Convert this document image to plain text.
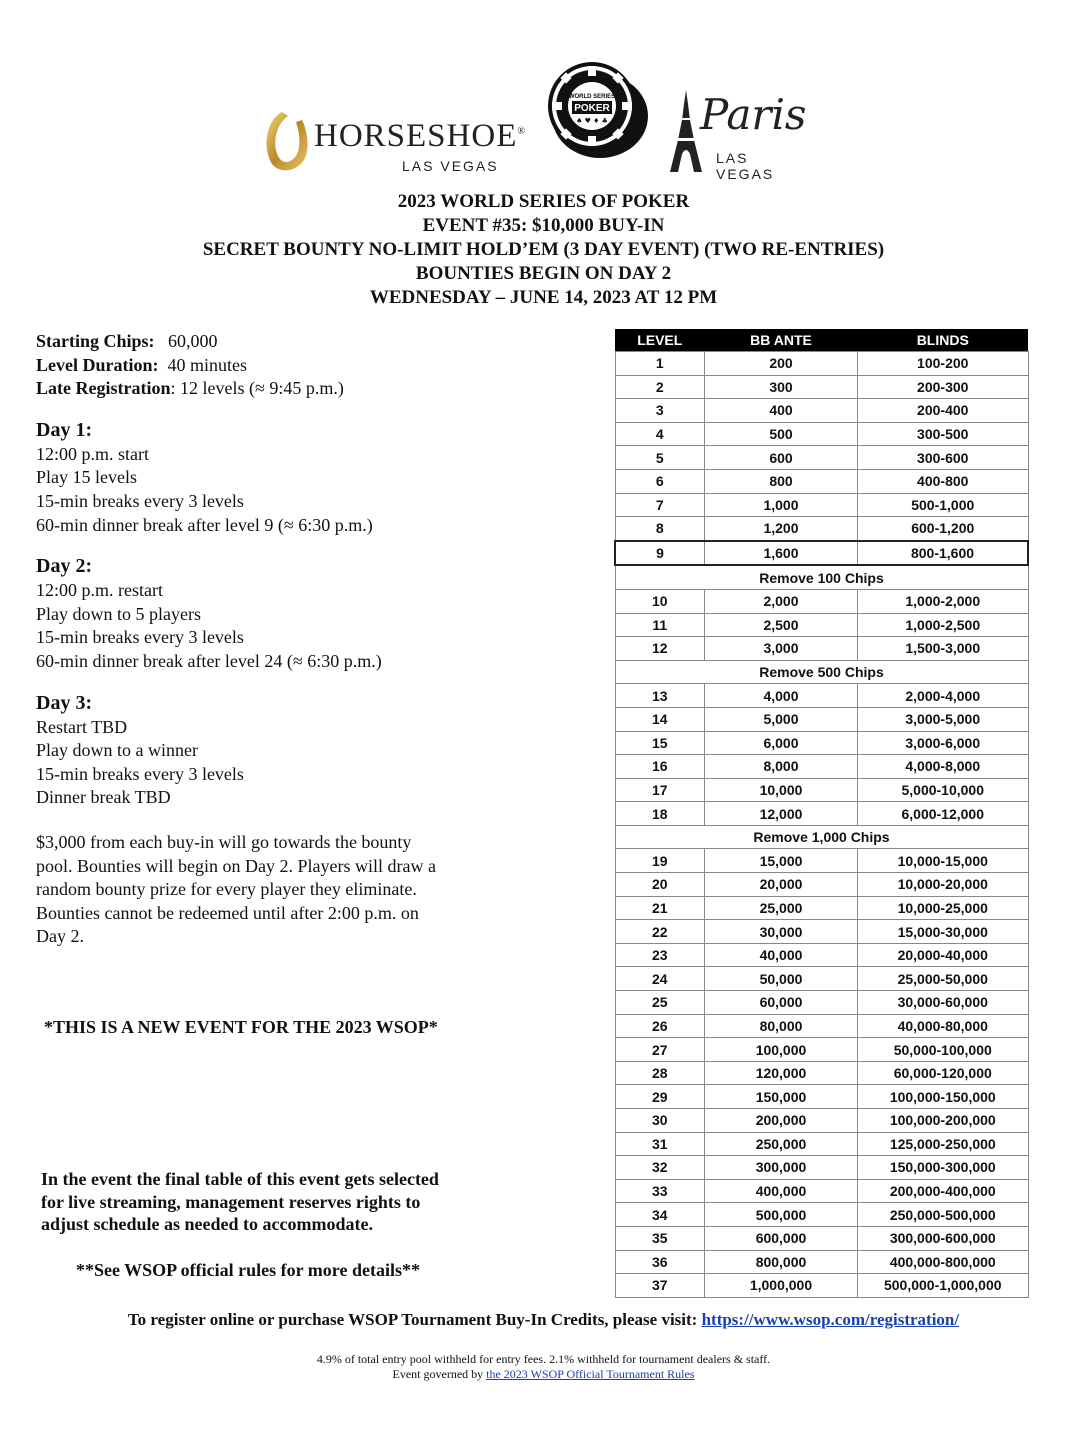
HORSESHOE®
LAS VEGAS
WORLD SERIES
POKER
♠ ♥ ♦ ♣ Paris
LAS VEGAS
2023 WORLD SERIES OF POKER
EVENT #35: $10,000 BUY-IN
SECRET BOUNTY NO-LIMIT HOLD’EM (3 DAY EVENT) (TWO RE-ENTRIES)
BOUNTIES BEGIN ON DAY 2
WEDNESDAY – JUNE 14, 2023 AT 12 PM
Starting Chips: 60,000
Level Duration: 40 minutes
Late Registration: 12 levels (≈ 9:45 p.m.)
Day 1:
12:00 p.m. start
Play 15 levels
15-min breaks every 3 levels
60-min dinner break after level 9 (≈ 6:30 p.m.)
Day 2:
12:00 p.m. restart
Play down to 5 players
15-min breaks every 3 levels
60-min dinner break after level 24 (≈ 6:30 p.m.)
Day 3:
Restart TBD
Play down to a winner
15-min breaks every 3 levels
Dinner break TBD
$3,000 from each buy-in will go towards the bounty
pool. Bounties will begin on Day 2. Players will draw a
random bounty prize for every player they eliminate.
Bounties cannot be redeemed until after 2:00 p.m. on
Day 2.
*THIS IS A NEW EVENT FOR THE 2023 WSOP*
In the event the final table of this event gets selected
for live streaming, management reserves rights to
adjust schedule as needed to accommodate.
**See WSOP official rules for more details**
LEVEL	BB ANTE	BLINDS
1	200	100-200
2	300	200-300
3	400	200-400
4	500	300-500
5	600	300-600
6	800	400-800
7	1,000	500-1,000
8	1,200	600-1,200
9	1,600	800-1,600
Remove 100 Chips		
10	2,000	1,000-2,000
11	2,500	1,000-2,500
12	3,000	1,500-3,000
Remove 500 Chips		
13	4,000	2,000-4,000
14	5,000	3,000-5,000
15	6,000	3,000-6,000
16	8,000	4,000-8,000
17	10,000	5,000-10,000
18	12,000	6,000-12,000
Remove 1,000 Chips		
19	15,000	10,000-15,000
20	20,000	10,000-20,000
21	25,000	10,000-25,000
22	30,000	15,000-30,000
23	40,000	20,000-40,000
24	50,000	25,000-50,000
25	60,000	30,000-60,000
26	80,000	40,000-80,000
27	100,000	50,000-100,000
28	120,000	60,000-120,000
29	150,000	100,000-150,000
30	200,000	100,000-200,000
31	250,000	125,000-250,000
32	300,000	150,000-300,000
33	400,000	200,000-400,000
34	500,000	250,000-500,000
35	600,000	300,000-600,000
36	800,000	400,000-800,000
37	1,000,000	500,000-1,000,000
To register online or purchase WSOP Tournament Buy-In Credits, please visit: https://www.wsop.com/registration/
4.9% of total entry pool withheld for entry fees. 2.1% withheld for tournament dealers & staff.
Event governed by the 2023 WSOP Official Tournament Rules
